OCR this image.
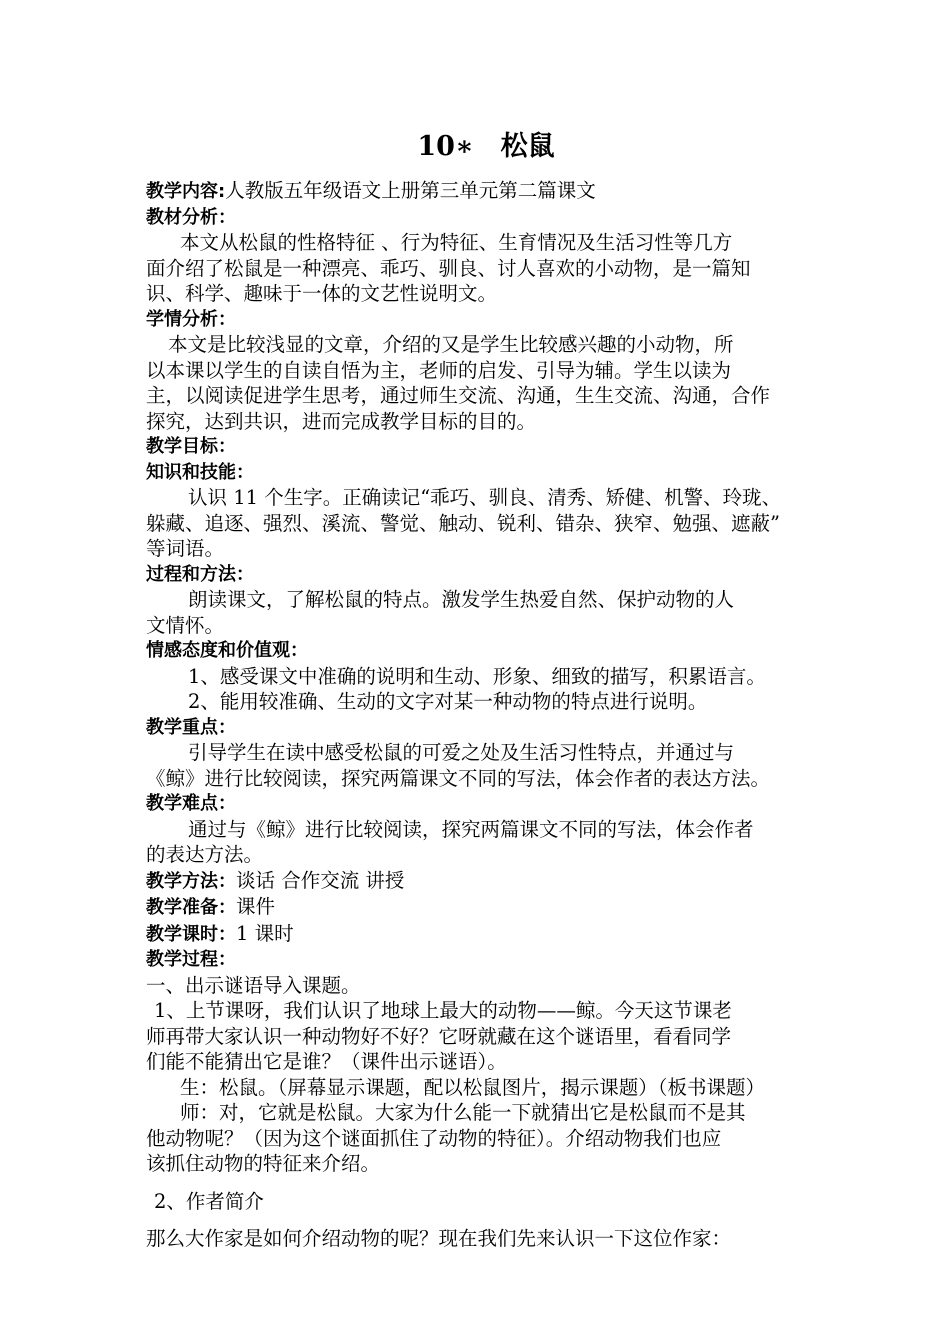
10∗　松鼠

教学内容:人教版五年级语文上册第三单元第二篇课文

教材分析：

本文从松鼠的性格特征 、行为特征、生育情况及生活习性等几方

面介绍了松鼠是一种漂亮、乖巧、驯良、讨人喜欢的小动物，是一篇知

识、科学、趣味于一体的文艺性说明文。

学情分析：

本文是比较浅显的文章，介绍的又是学生比较感兴趣的小动物，所

以本课以学生的自读自悟为主，老师的启发、引导为辅。学生以读为

主，以阅读促进学生思考，通过师生交流、沟通，生生交流、沟通，合作

探究，达到共识，进而完成教学目标的目的。

教学目标：

知识和技能：

认识 11 个生字。正确读记“乖巧、驯良、清秀、矫健、机警、玲珑、

躲藏、追逐、强烈、溪流、警觉、触动、锐利、错杂、狭窄、勉强、遮蔽”

等词语。

过程和方法：

朗读课文，了解松鼠的特点。激发学生热爱自然、保护动物的人

文情怀。

情感态度和价值观：

1、感受课文中准确的说明和生动、形象、细致的描写，积累语言。

2、能用较准确、生动的文字对某一种动物的特点进行说明。

教学重点：

引导学生在读中感受松鼠的可爱之处及生活习性特点，并通过与

《鲸》进行比较阅读，探究两篇课文不同的写法，体会作者的表达方法。

教学难点：

通过与《鲸》进行比较阅读，探究两篇课文不同的写法，体会作者

的表达方法。

教学方法：谈话 合作交流 讲授

教学准备：课件

教学课时：1 课时

教学过程：

一、出示谜语导入课题。

1、上节课呀，我们认识了地球上最大的动物——鲸。今天这节课老

师再带大家认识一种动物好不好？它呀就藏在这个谜语里，看看同学

们能不能猜出它是谁？（课件出示谜语）。

生：松鼠。（屏幕显示课题，配以松鼠图片，揭示课题）（板书课题）

师：对，它就是松鼠。大家为什么能一下就猜出它是松鼠而不是其

他动物呢？（因为这个谜面抓住了动物的特征）。介绍动物我们也应

该抓住动物的特征来介绍。

2、作者简介

那么大作家是如何介绍动物的呢？现在我们先来认识一下这位作家：
